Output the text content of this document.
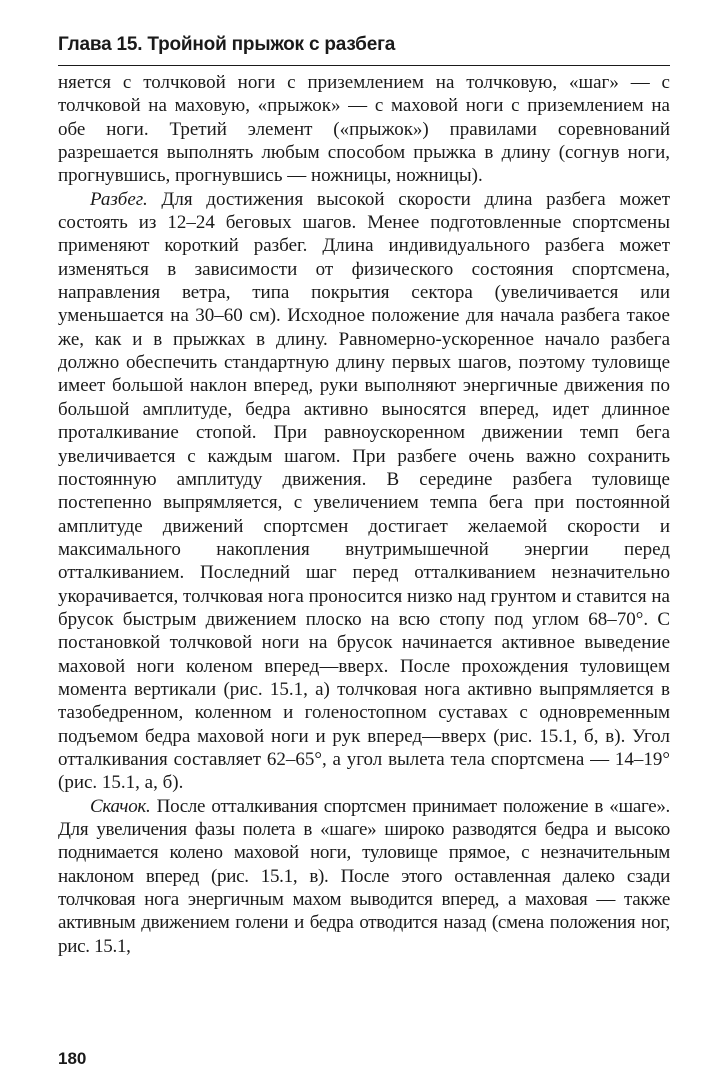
Глава 15. Тройной прыжок с разбега

няется с толчковой ноги с приземлением на толчковую, «шаг» — с толчковой на маховую, «прыжок» — с маховой ноги с приземлением на обе ноги. Третий элемент («прыжок») правилами соревнований разрешается выполнять любым способом прыжка в длину (согнув ноги, прогнувшись, прогнувшись — ножницы, ножницы).

Разбег. Для достижения высокой скорости длина разбега может состоять из 12–24 беговых шагов. Менее подготовленные спортсмены применяют короткий разбег. Длина индивидуального разбега может изменяться в зависимости от физического состояния спортсмена, направления ветра, типа покрытия сектора (увеличивается или уменьшается на 30–60 см). Исходное положение для начала разбега такое же, как и в прыжках в длину. Равномерно-ускоренное начало разбега должно обеспечить стандартную длину первых шагов, поэтому туловище имеет большой наклон вперед, руки выполняют энергичные движения по большой амплитуде, бедра активно выносятся вперед, идет длинное проталкивание стопой. При равноускоренном движении темп бега увеличивается с каждым шагом. При разбеге очень важно сохранить постоянную амплитуду движения. В середине разбега туловище постепенно выпрямляется, с увеличением темпа бега при постоянной амплитуде движений спортсмен достигает желаемой скорости и максимального накопления внутримышечной энергии перед отталкиванием. Последний шаг перед отталкиванием незначительно укорачивается, толчковая нога проносится низко над грунтом и ставится на брусок быстрым движением плоско на всю стопу под углом 68–70°. С постановкой толчковой ноги на брусок начинается активное выведение маховой ноги коленом вперед—вверх. После прохождения туловищем момента вертикали (рис. 15.1, а) толчковая нога активно выпрямляется в тазобедренном, коленном и голеностопном суставах с одновременным подъемом бедра маховой ноги и рук вперед—вверх (рис. 15.1, б, в). Угол отталкивания составляет 62–65°, а угол вылета тела спортсмена — 14–19° (рис. 15.1, а, б).

Скачок. После отталкивания спортсмен принимает положение в «шаге». Для увеличения фазы полета в «шаге» широко разводятся бедра и высоко поднимается колено маховой ноги, туловище прямое, с незначительным наклоном вперед (рис. 15.1, в). После этого оставленная далеко сзади толчковая нога энергичным махом выводится вперед, а маховая — также активным движением голени и бедра отводится назад (смена положения ног, рис. 15.1,

180
